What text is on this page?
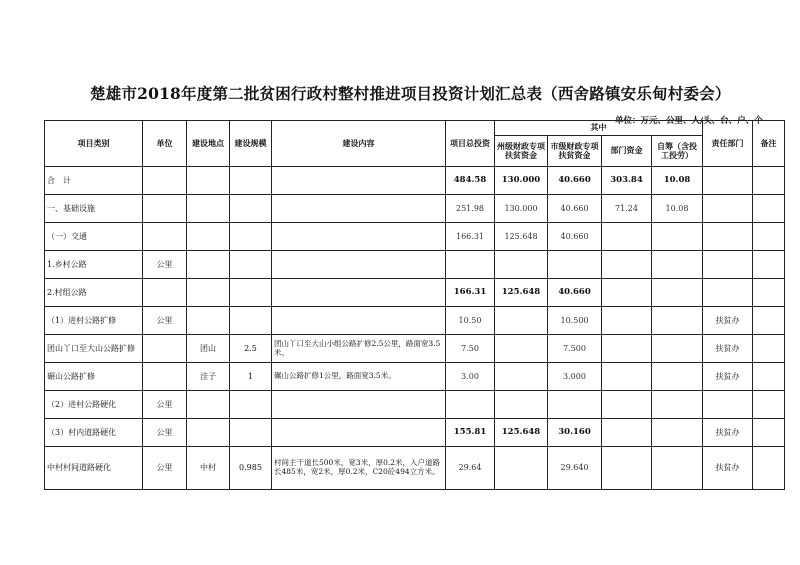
楚雄市2018年度第二批贫困行政村整村推进项目投资计划汇总表（西舍路镇安乐甸村委会）
单位：万元、公里、人/头、台、户、个
项目类别	单位	建设地点	建设规模	建设内容	项目总投资	其中				责任部门	备注
						州级财政专项扶贫资金	市级财政专项扶贫资金	部门资金	自筹（含投工投劳）		
合　计					484.58	130.000	40.660	303.84	10.08		
一、基础设施					251.98	130.000	40.660	71.24	10.08		
（一）交通					166.31	125.648	40.660				
1.乡村公路	公里										
2.村组公路					166.31	125.648	40.660				
（1）进村公路扩修	公里				10.50		10.500			扶贫办	
团山丫口至大山公路扩修		团山	2.5	团山丫口至大山小组公路扩修2.5公里，路面宽3.5米。	7.50		7.500			扶贫办	
碾山公路扩修		洼子	1	碾山公路扩修1公里，路面宽3.5米。	3.00		3.000			扶贫办	
（2）进村公路硬化	公里										
（3）村内道路硬化	公里				155.81	125.648	30.160			扶贫办	
中村村间道路硬化	公里	中村	0.985	村间主干道长500米，宽3米，厚0.2米，入户道路长485米，宽2米，厚0.2米，C20砼494立方米。	29.64		29.640			扶贫办	
